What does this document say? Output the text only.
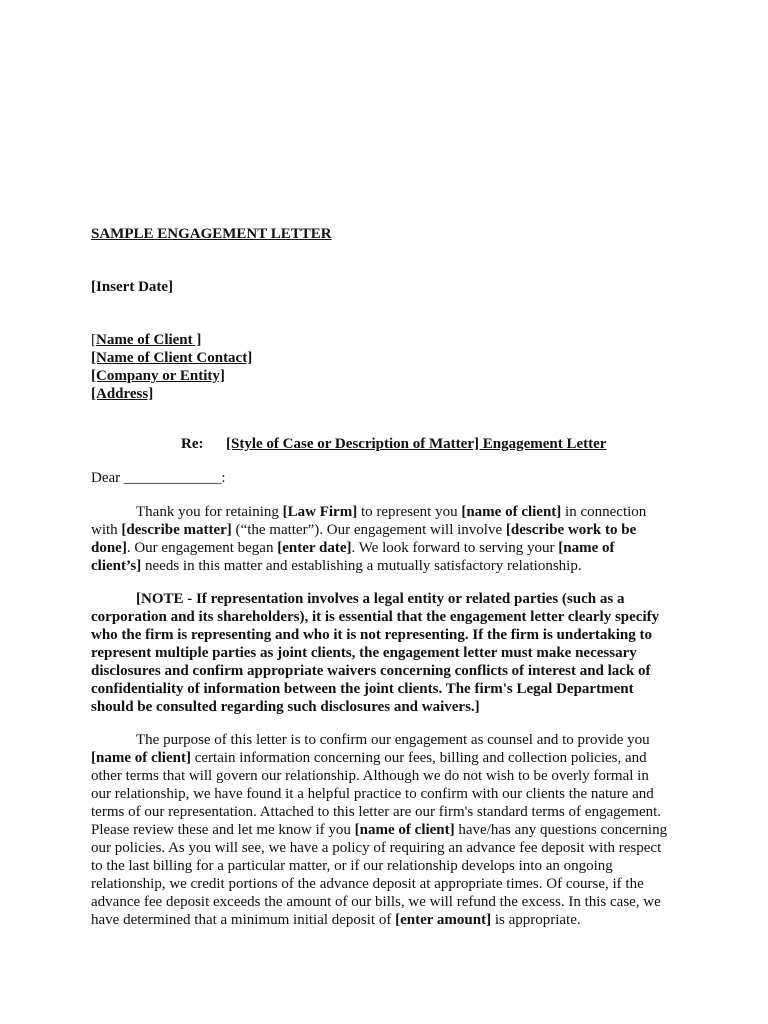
SAMPLE ENGAGEMENT LETTER
[Insert Date]
[Name of Client ]
[Name of Client Contact]
[Company or Entity]
[Address]
Re: [Style of Case or Description of Matter] Engagement Letter
Dear _____________:
Thank you for retaining [Law Firm] to represent you [name of client] in connection
with [describe matter] (“the matter”). Our engagement will involve [describe work to be
done]. Our engagement began [enter date]. We look forward to serving your [name of
client’s] needs in this matter and establishing a mutually satisfactory relationship.
[NOTE - If representation involves a legal entity or related parties (such as a
corporation and its shareholders), it is essential that the engagement letter clearly specify
who the firm is representing and who it is not representing. If the firm is undertaking to
represent multiple parties as joint clients, the engagement letter must make necessary
disclosures and confirm appropriate waivers concerning conflicts of interest and lack of
confidentiality of information between the joint clients. The firm's Legal Department
should be consulted regarding such disclosures and waivers.]
The purpose of this letter is to confirm our engagement as counsel and to provide you
[name of client] certain information concerning our fees, billing and collection policies, and
other terms that will govern our relationship. Although we do not wish to be overly formal in
our relationship, we have found it a helpful practice to confirm with our clients the nature and
terms of our representation. Attached to this letter are our firm's standard terms of engagement.
Please review these and let me know if you [name of client] have/has any questions concerning
our policies. As you will see, we have a policy of requiring an advance fee deposit with respect
to the last billing for a particular matter, or if our relationship develops into an ongoing
relationship, we credit portions of the advance deposit at appropriate times. Of course, if the
advance fee deposit exceeds the amount of our bills, we will refund the excess. In this case, we
have determined that a minimum initial deposit of [enter amount] is appropriate.
